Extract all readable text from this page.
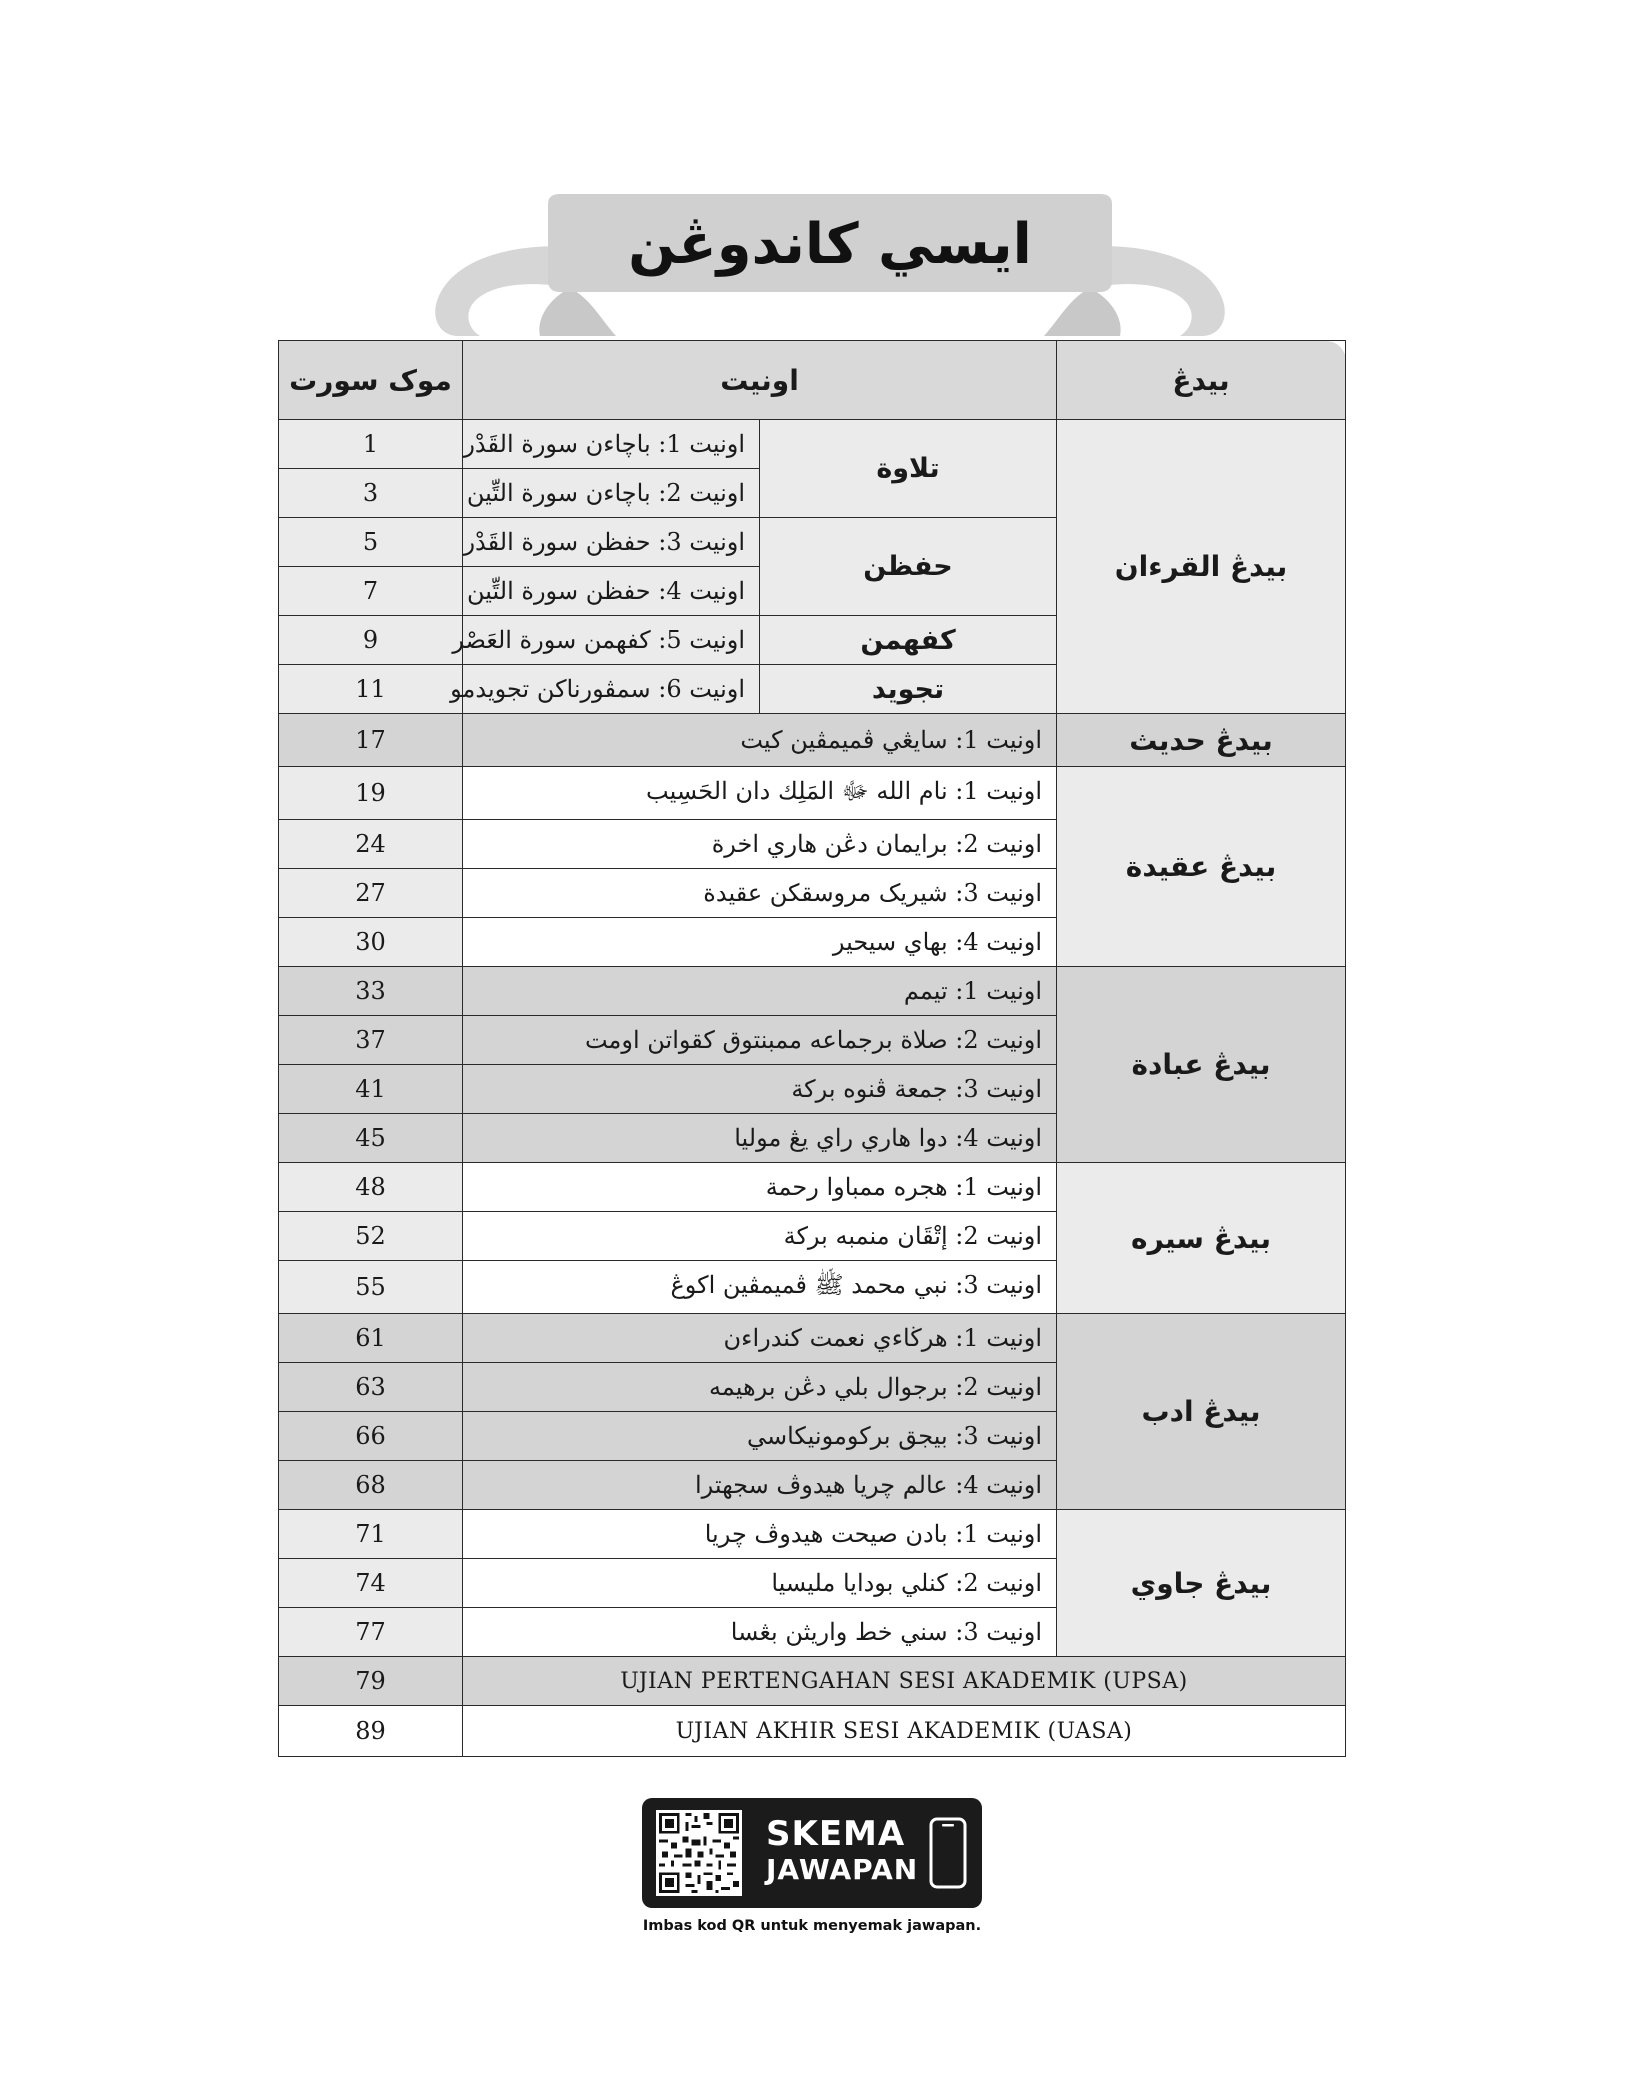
ايسي کاندوڠن
بيدڠ	اونيت		موک سورت
بيدڠ القرءان	تلاوة	اونيت 1: باچاءن سورة القَدْر	1
		اونيت 2: باچاءن سورة التِّين	3
	حفظن	اونيت 3: حفظن سورة القَدْر	5
		اونيت 4: حفظن سورة التِّين	7
	کفهمن	اونيت 5: کفهمن سورة العَصْر	9
	تجويد	اونيت 6: سمڤورناکن تجويدمو	11
بيدڠ حديث	اونيت 1: سايڠي ڤميمڤين کيت		17
بيدڠ عقيدة	اونيت 1: نام الله ﷻ المَلِك دان الحَسِيب		19
	اونيت 2: برايمان دڠن هاري اخرة		24
	اونيت 3: شيريک مروسقکن عقيدة		27
	اونيت 4: بهاي سيحير		30
بيدڠ عبادة	اونيت 1: تيمم		33
	اونيت 2: صلاة برجماعه ممبنتوق کقواتن اومت		37
	اونيت 3: جمعة ڤنوه برکة		41
	اونيت 4: دوا هاري راي يڠ موليا		45
بيدڠ سيره	اونيت 1: هجره ممباوا رحمة		48
	اونيت 2: إتْقَان منمبه برکة		52
	اونيت 3: نبي محمد ﷺ ڤميمڤين اکوڠ		55
بيدڠ ادب	اونيت 1: هرڬاءي نعمت کندراءن		61
	اونيت 2: برجوال بلي دڠن برهيمه		63
	اونيت 3: بيجق برکومونيکاسي		66
	اونيت 4: عالم چريا هيدوڤ سجهترا		68
بيدڠ جاوي	اونيت 1: بادن صيحت هيدوڤ چريا		71
	اونيت 2: کنلي بودايا مليسيا		74
	اونيت 3: سني خط واريثن بڠسا		77
UJIAN PERTENGAHAN SESI AKADEMIK (UPSA)			79
UJIAN AKHIR SESI AKADEMIK (UASA)			89
SKEMA
JAWAPAN
Imbas kod QR untuk menyemak jawapan.
